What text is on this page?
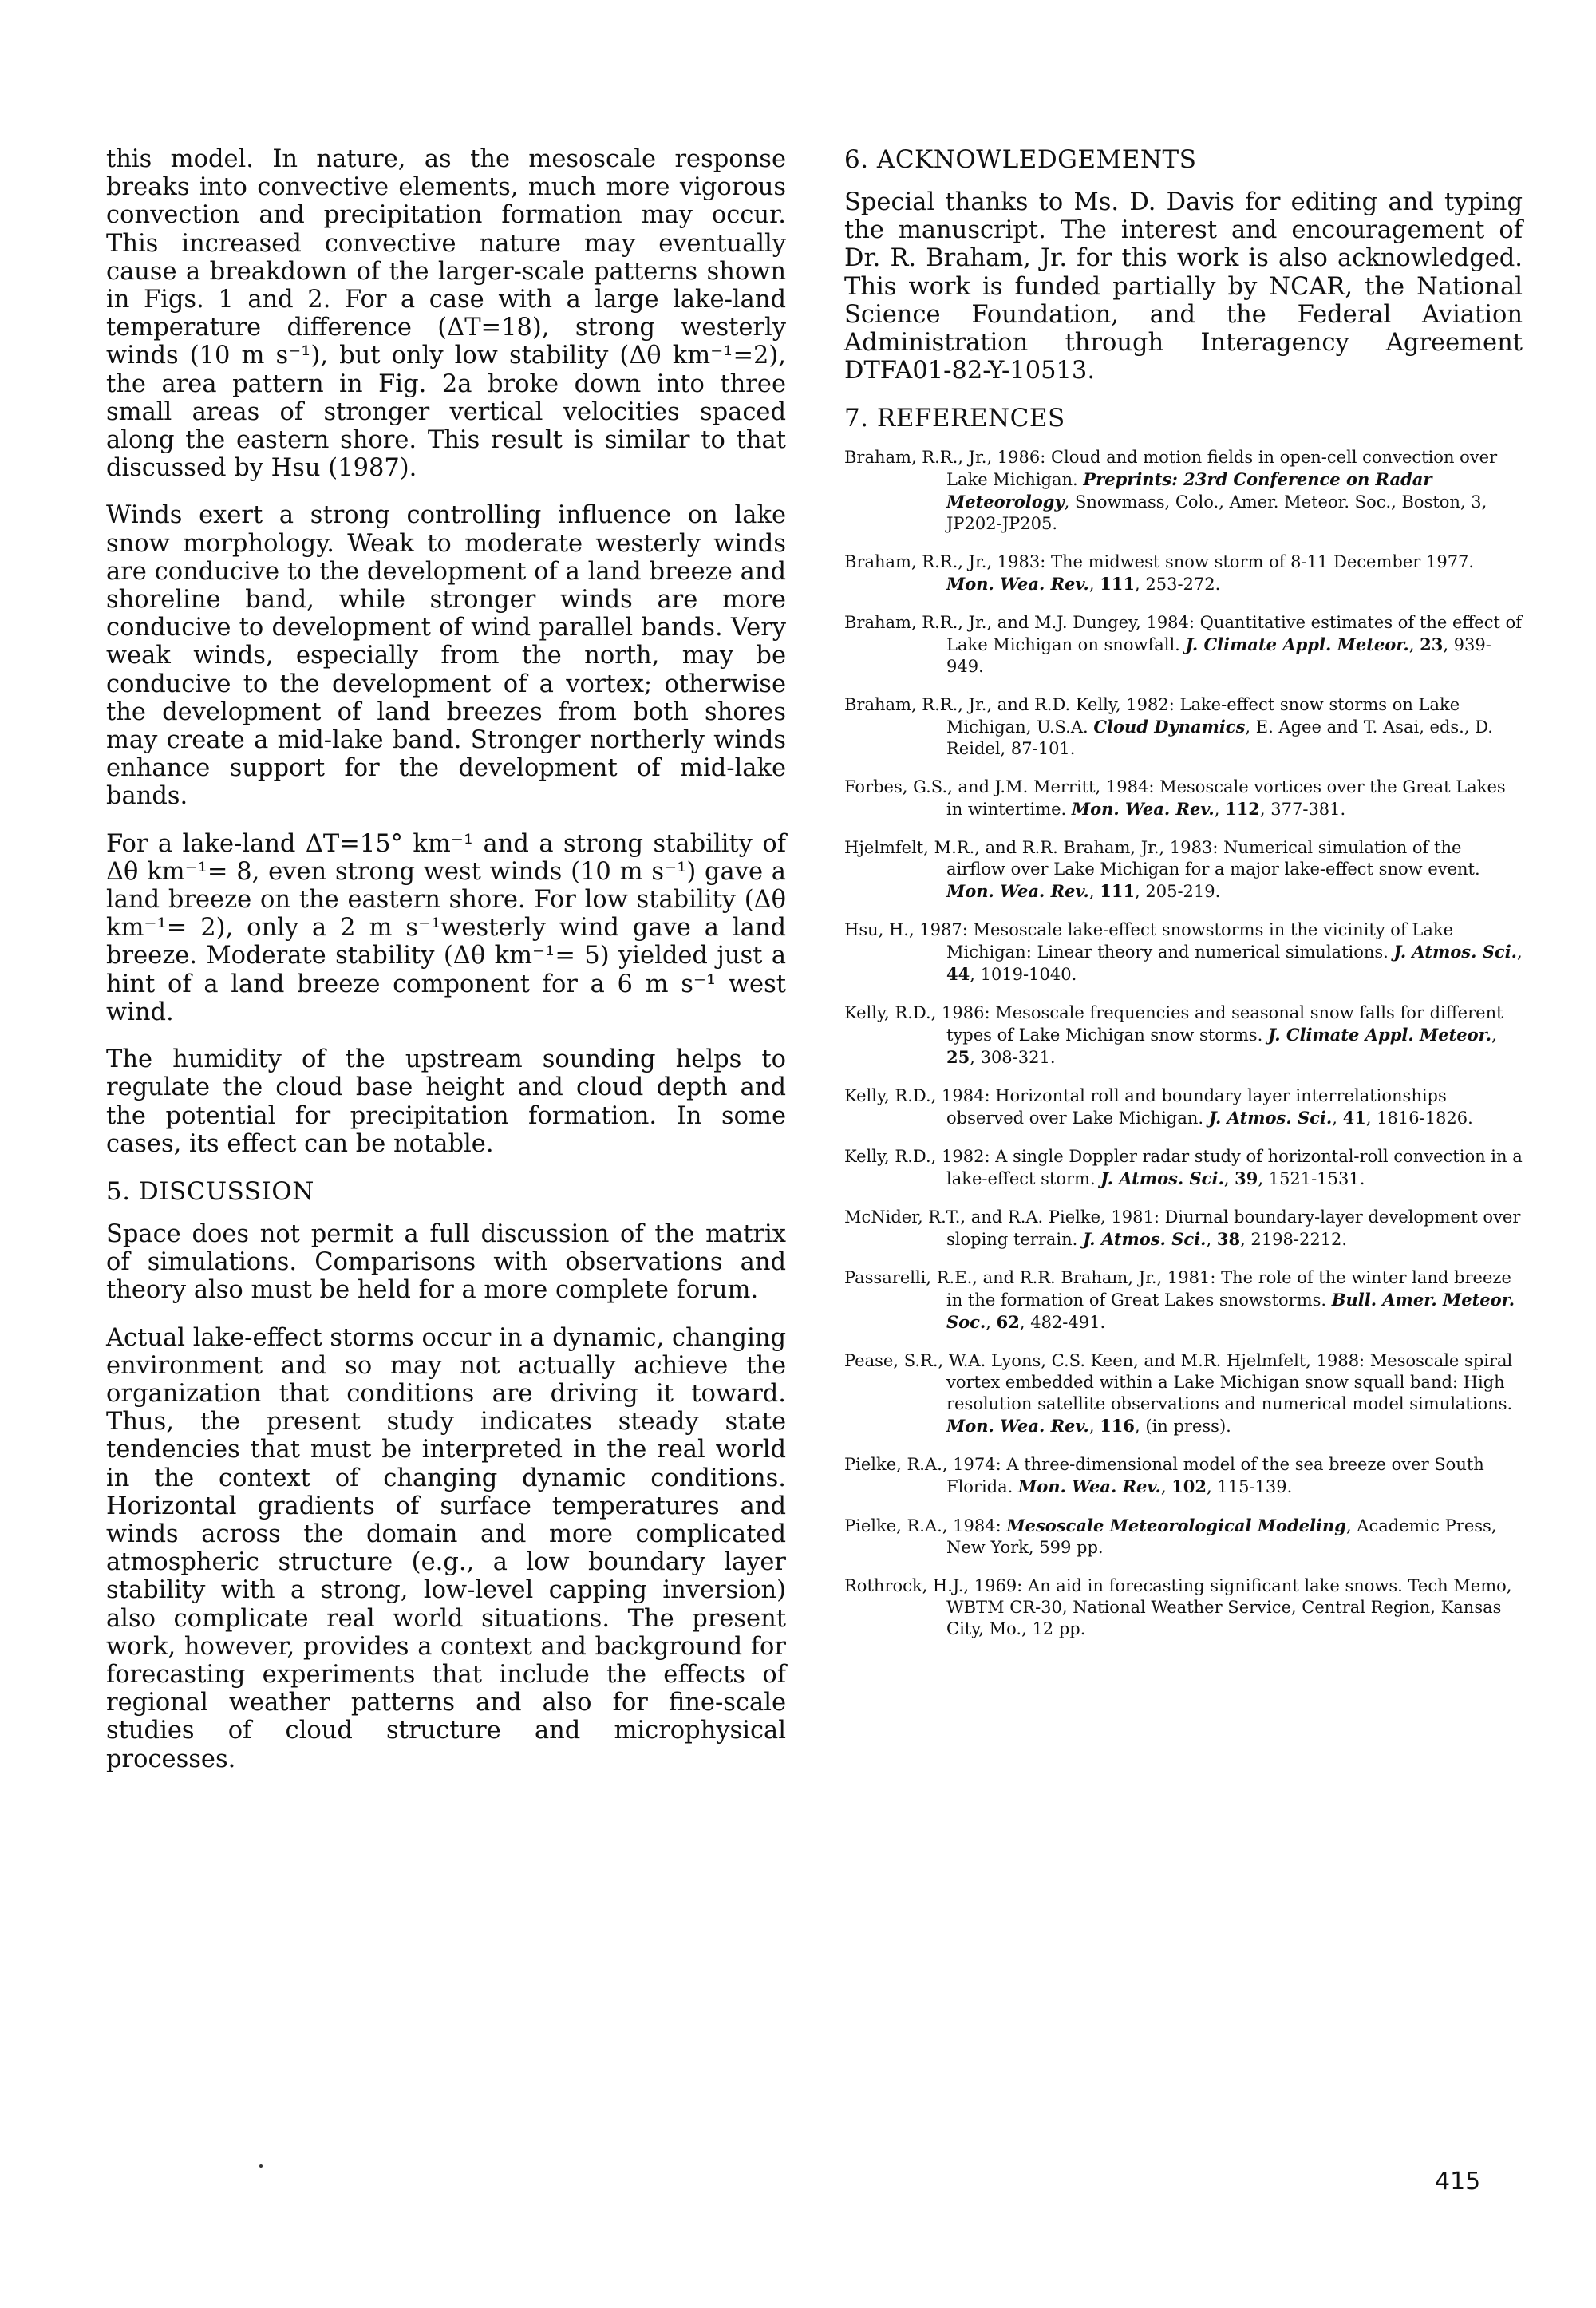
this model. In nature, as the mesoscale response breaks into convective elements, much more vigorous convection and precipitation formation may occur. This increased convective nature may eventually cause a breakdown of the larger-scale patterns shown in Figs. 1 and 2. For a case with a large lake-land temperature difference (ΔT=18), strong westerly winds (10 m s⁻¹), but only low stability (Δθ km⁻¹=2), the area pattern in Fig. 2a broke down into three small areas of stronger vertical velocities spaced along the eastern shore. This result is similar to that discussed by Hsu (1987).

Winds exert a strong controlling influence on lake snow morphology. Weak to moderate westerly winds are conducive to the development of a land breeze and shoreline band, while stronger winds are more conducive to development of wind parallel bands. Very weak winds, especially from the north, may be conducive to the development of a vortex; otherwise the development of land breezes from both shores may create a mid-lake band. Stronger northerly winds enhance support for the development of mid-lake bands.

For a lake-land ΔT=15° km⁻¹ and a strong stability of Δθ km⁻¹= 8, even strong west winds (10 m s⁻¹) gave a land breeze on the eastern shore. For low stability (Δθ km⁻¹= 2), only a 2 m s⁻¹westerly wind gave a land breeze. Moderate stability (Δθ km⁻¹= 5) yielded just a hint of a land breeze component for a 6 m s⁻¹ west wind.

The humidity of the upstream sounding helps to regulate the cloud base height and cloud depth and the potential for precipitation formation. In some cases, its effect can be notable.

5. DISCUSSION

Space does not permit a full discussion of the matrix of simulations. Comparisons with observations and theory also must be held for a more complete forum.

Actual lake-effect storms occur in a dynamic, changing environment and so may not actually achieve the organization that conditions are driving it toward. Thus, the present study indicates steady state tendencies that must be interpreted in the real world in the context of changing dynamic conditions. Horizontal gradients of surface temperatures and winds across the domain and more complicated atmospheric structure (e.g., a low boundary layer stability with a strong, low-level capping inversion) also complicate real world situations. The present work, however, provides a context and background for forecasting experiments that include the effects of regional weather patterns and also for fine-scale studies of cloud structure and microphysical processes.

6. ACKNOWLEDGEMENTS

Special thanks to Ms. D. Davis for editing and typing the manuscript. The interest and encouragement of Dr. R. Braham, Jr. for this work is also acknowledged. This work is funded partially by NCAR, the National Science Foundation, and the Federal Aviation Administration through Interagency Agreement DTFA01-82-Y-10513.

7. REFERENCES

Braham, R.R., Jr., 1986: Cloud and motion fields in open-cell convection over Lake Michigan. Preprints: 23rd Conference on Radar Meteorology, Snowmass, Colo., Amer. Meteor. Soc., Boston, 3, JP202-JP205.

Braham, R.R., Jr., 1983: The midwest snow storm of 8-11 December 1977. Mon. Wea. Rev., 111, 253-272.

Braham, R.R., Jr., and M.J. Dungey, 1984: Quantitative estimates of the effect of Lake Michigan on snowfall. J. Climate Appl. Meteor., 23, 939-949.

Braham, R.R., Jr., and R.D. Kelly, 1982: Lake-effect snow storms on Lake Michigan, U.S.A. Cloud Dynamics, E. Agee and T. Asai, eds., D. Reidel, 87-101.

Forbes, G.S., and J.M. Merritt, 1984: Mesoscale vortices over the Great Lakes in wintertime. Mon. Wea. Rev., 112, 377-381.

Hjelmfelt, M.R., and R.R. Braham, Jr., 1983: Numerical simulation of the airflow over Lake Michigan for a major lake-effect snow event. Mon. Wea. Rev., 111, 205-219.

Hsu, H., 1987: Mesoscale lake-effect snowstorms in the vicinity of Lake Michigan: Linear theory and numerical simulations. J. Atmos. Sci., 44, 1019-1040.

Kelly, R.D., 1986: Mesoscale frequencies and seasonal snow falls for different types of Lake Michigan snow storms. J. Climate Appl. Meteor., 25, 308-321.

Kelly, R.D., 1984: Horizontal roll and boundary layer interrelationships observed over Lake Michigan. J. Atmos. Sci., 41, 1816-1826.

Kelly, R.D., 1982: A single Doppler radar study of horizontal-roll convection in a lake-effect storm. J. Atmos. Sci., 39, 1521-1531.

McNider, R.T., and R.A. Pielke, 1981: Diurnal boundary-layer development over sloping terrain. J. Atmos. Sci., 38, 2198-2212.

Passarelli, R.E., and R.R. Braham, Jr., 1981: The role of the winter land breeze in the formation of Great Lakes snowstorms. Bull. Amer. Meteor. Soc., 62, 482-491.

Pease, S.R., W.A. Lyons, C.S. Keen, and M.R. Hjelmfelt, 1988: Mesoscale spiral vortex embedded within a Lake Michigan snow squall band: High resolution satellite observations and numerical model simulations. Mon. Wea. Rev., 116, (in press).

Pielke, R.A., 1974: A three-dimensional model of the sea breeze over South Florida. Mon. Wea. Rev., 102, 115-139.

Pielke, R.A., 1984: Mesoscale Meteorological Modeling, Academic Press, New York, 599 pp.

Rothrock, H.J., 1969: An aid in forecasting significant lake snows. Tech Memo, WBTM CR-30, National Weather Service, Central Region, Kansas City, Mo., 12 pp.

415
